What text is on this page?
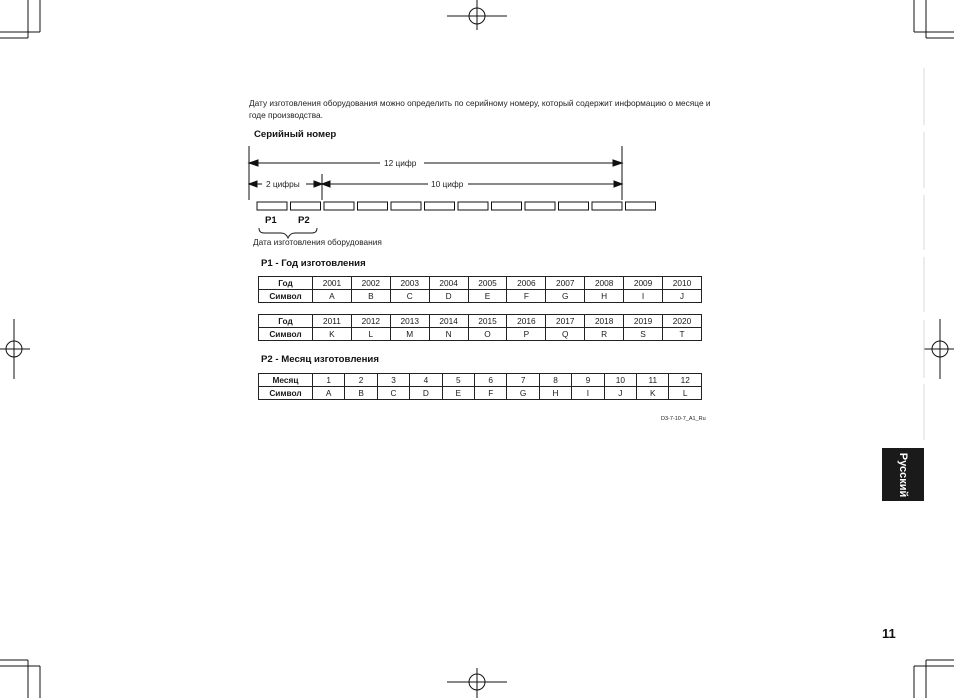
Дату изготовления оборудования можно определить по серийному номеру, который содержит информацию о месяце и годе производства.
Серийный номер
12 цифр
2 цифры	10 цифр
P1 P2
Дата изготовления оборудования
P1 - Год изготовления
Год	2001	2002	2003	2004	2005	2006	2007	2008	2009	2010
Символ	A	B	C	D	E	F	G	H	I	J
Год	2011	2012	2013	2014	2015	2016	2017	2018	2019	2020
Символ	K	L	M	N	O	P	Q	R	S	T
P2 - Месяц изготовления
Месяц	1	2	3	4	5	6	7	8	9	10	11	12
Символ	A	B	C	D	E	F	G	H	I	J	K	L
D3-7-10-7_A1_Ru
Русский
11
